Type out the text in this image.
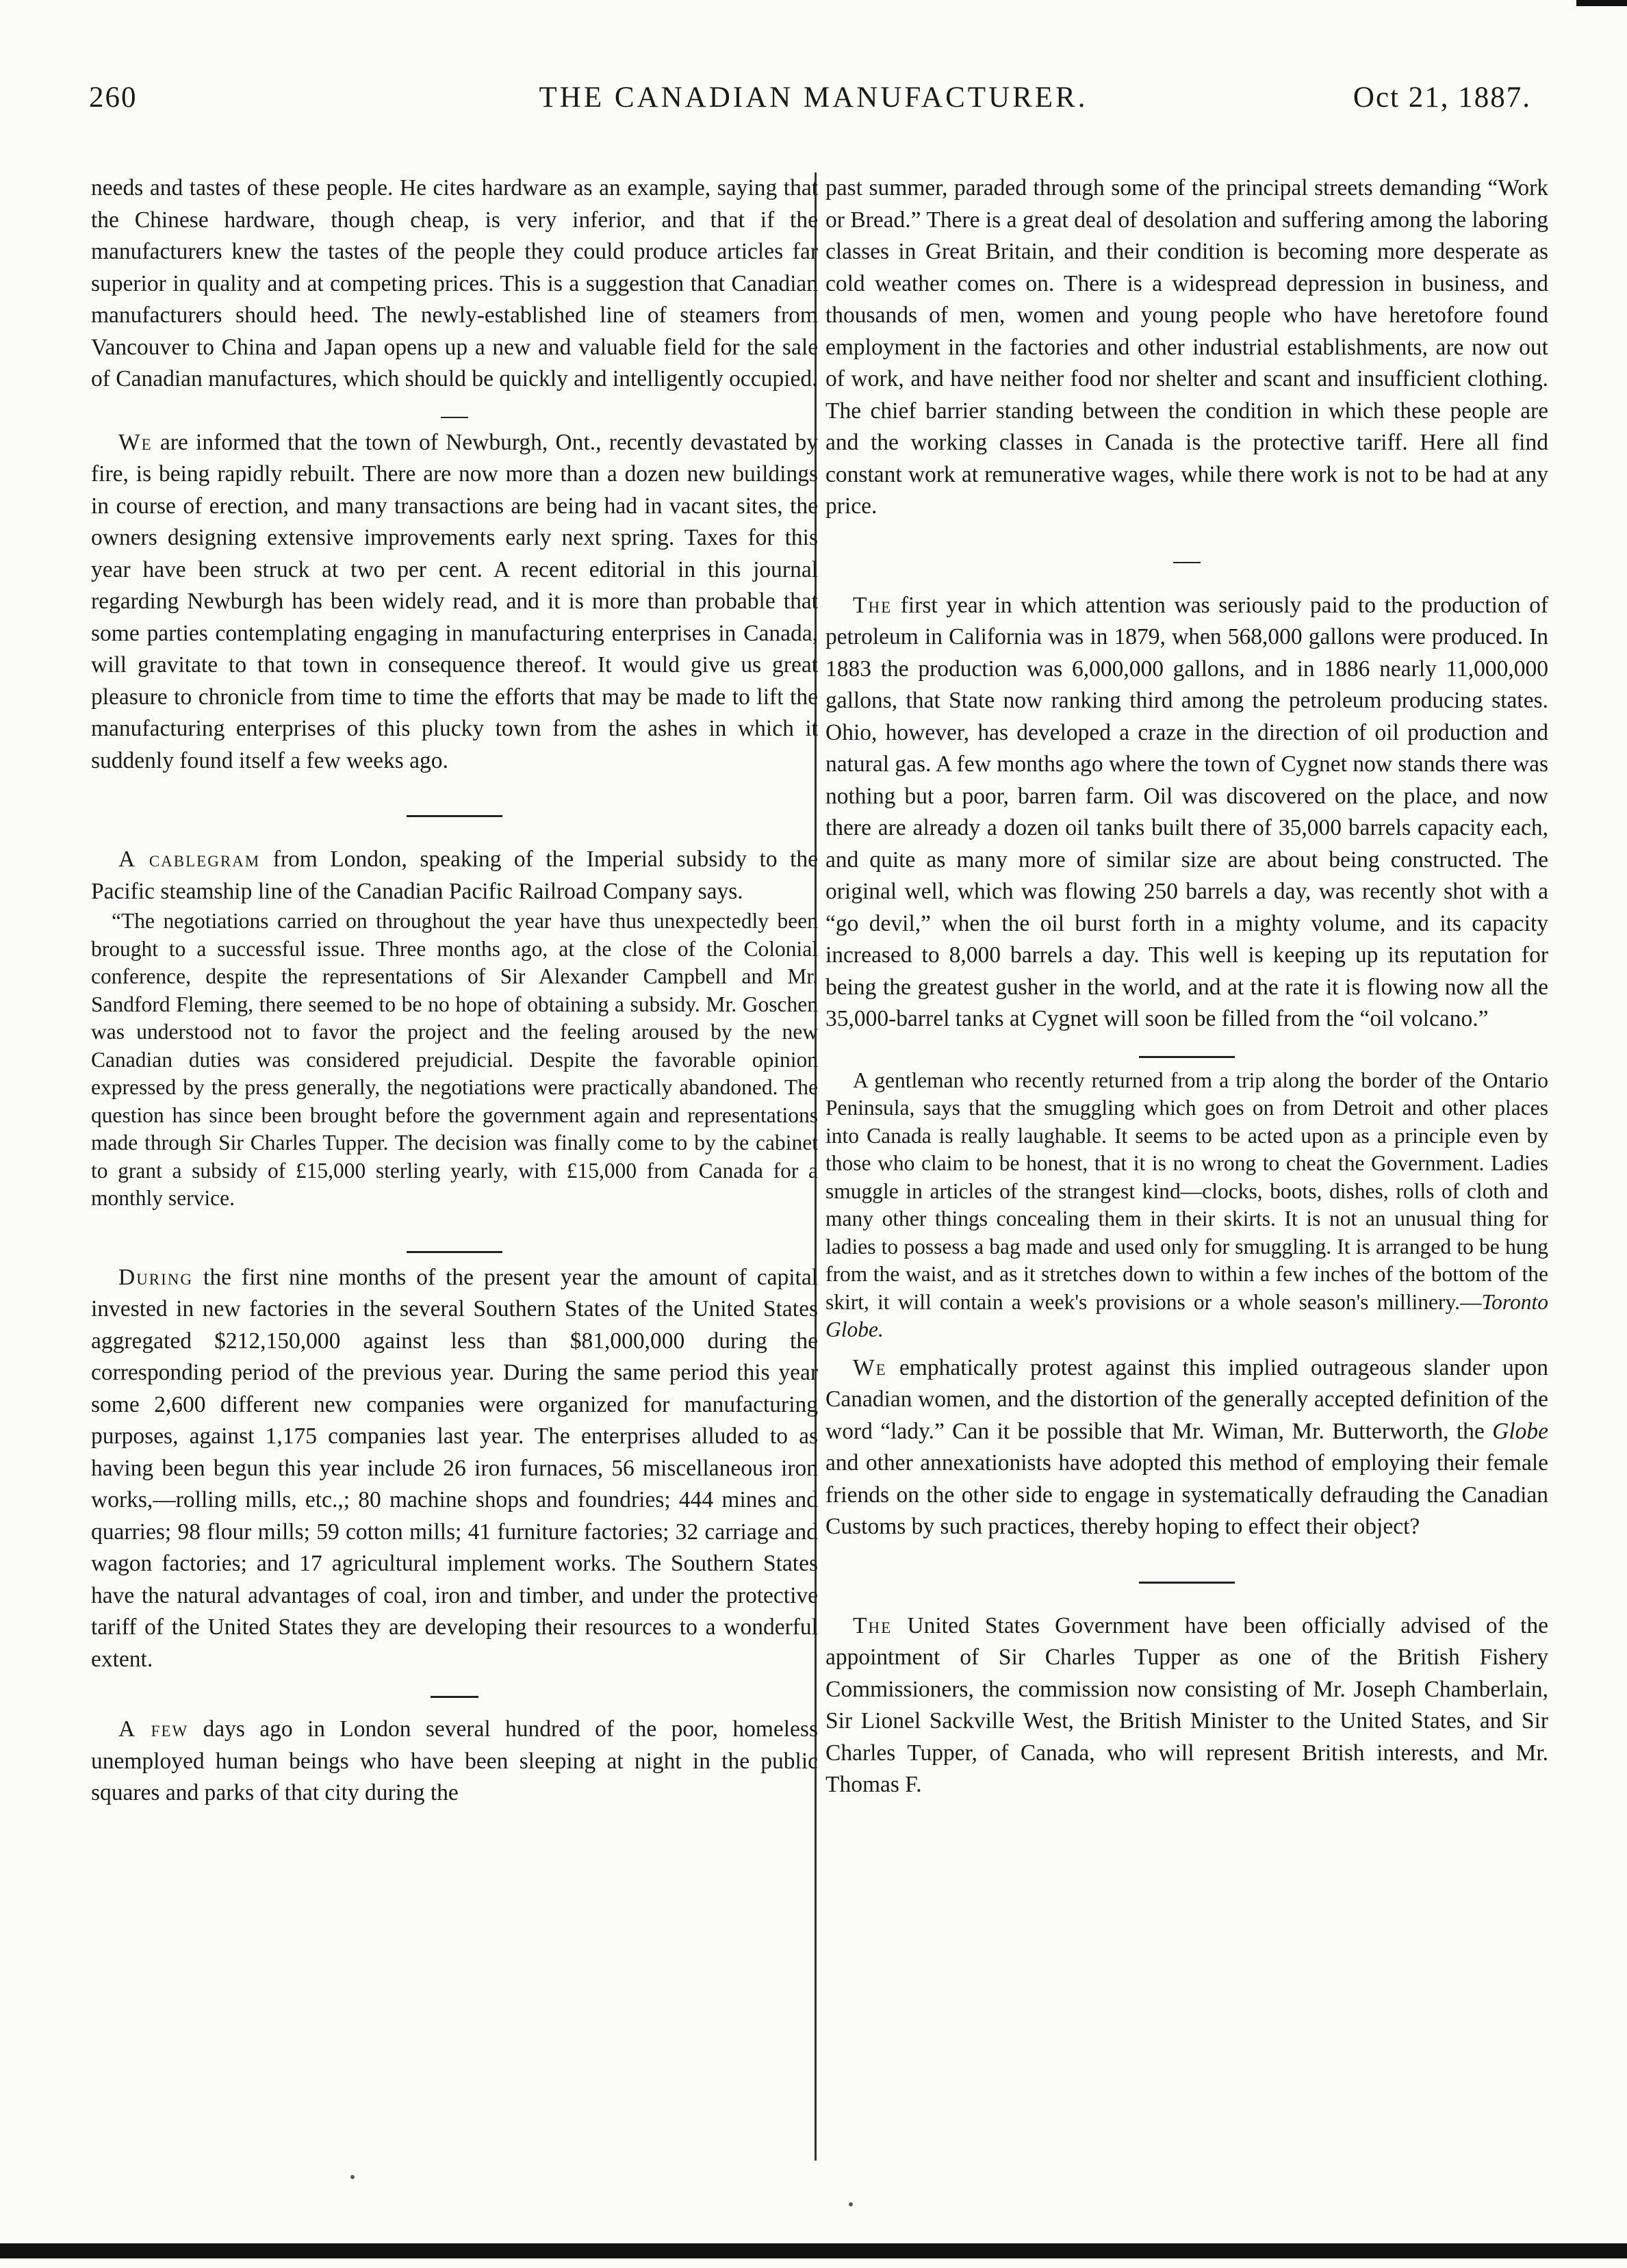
260	THE CANADIAN MANUFACTURER.	Oct 21, 1887.

needs and tastes of these people. He cites hardware as an example, saying that the Chinese hardware, though cheap, is very inferior, and that if the manufacturers knew the tastes of the people they could produce articles far superior in quality and at competing prices. This is a suggestion that Canadian manufacturers should heed. The newly-established line of steamers from Vancouver to China and Japan opens up a new and valuable field for the sale of Canadian manufactures, which should be quickly and intelligently occupied.

We are informed that the town of Newburgh, Ont., recently devastated by fire, is being rapidly rebuilt. There are now more than a dozen new buildings in course of erection, and many transactions are being had in vacant sites, the owners designing extensive improvements early next spring. Taxes for this year have been struck at two per cent. A recent editorial in this journal regarding Newburgh has been widely read, and it is more than probable that some parties contemplating engaging in manufacturing enterprises in Canada, will gravitate to that town in consequence thereof. It would give us great pleasure to chronicle from time to time the efforts that may be made to lift the manufacturing enterprises of this plucky town from the ashes in which it suddenly found itself a few weeks ago.

A cablegram from London, speaking of the Imperial subsidy to the Pacific steamship line of the Canadian Pacific Railroad Company says.

“The negotiations carried on throughout the year have thus unexpectedly been brought to a successful issue. Three months ago, at the close of the Colonial conference, despite the representations of Sir Alexander Campbell and Mr. Sandford Fleming, there seemed to be no hope of obtaining a subsidy. Mr. Goschen was understood not to favor the project and the feeling aroused by the new Canadian duties was considered prejudicial. Despite the favorable opinion expressed by the press generally, the negotiations were practically abandoned. The question has since been brought before the government again and representations made through Sir Charles Tupper. The decision was finally come to by the cabinet to grant a subsidy of £15,000 sterling yearly, with £15,000 from Canada for a monthly service.

During the first nine months of the present year the amount of capital invested in new factories in the several Southern States of the United States aggregated $212,150,000 against less than $81,000,000 during the corresponding period of the previous year. During the same period this year some 2,600 different new companies were organized for manufacturing purposes, against 1,175 companies last year. The enterprises alluded to as having been begun this year include 26 iron furnaces, 56 miscellaneous iron works,—rolling mills, etc.,; 80 machine shops and foundries; 444 mines and quarries; 98 flour mills; 59 cotton mills; 41 furniture factories; 32 carriage and wagon factories; and 17 agricultural implement works. The Southern States have the natural advantages of coal, iron and timber, and under the protective tariff of the United States they are developing their resources to a wonderful extent.

A few days ago in London several hundred of the poor, homeless unemployed human beings who have been sleeping at night in the public squares and parks of that city during the

past summer, paraded through some of the principal streets demanding “Work or Bread.” There is a great deal of desolation and suffering among the laboring classes in Great Britain, and their condition is becoming more desperate as cold weather comes on. There is a widespread depression in business, and thousands of men, women and young people who have heretofore found employment in the factories and other industrial establishments, are now out of work, and have neither food nor shelter and scant and insufficient clothing. The chief barrier standing between the condition in which these people are and the working classes in Canada is the protective tariff. Here all find constant work at remunerative wages, while there work is not to be had at any price.

The first year in which attention was seriously paid to the production of petroleum in California was in 1879, when 568,000 gallons were produced. In 1883 the production was 6,000,000 gallons, and in 1886 nearly 11,000,000 gallons, that State now ranking third among the petroleum producing states. Ohio, however, has developed a craze in the direction of oil production and natural gas. A few months ago where the town of Cygnet now stands there was nothing but a poor, barren farm. Oil was discovered on the place, and now there are already a dozen oil tanks built there of 35,000 barrels capacity each, and quite as many more of similar size are about being constructed. The original well, which was flowing 250 barrels a day, was recently shot with a “go devil,” when the oil burst forth in a mighty volume, and its capacity increased to 8,000 barrels a day. This well is keeping up its reputation for being the greatest gusher in the world, and at the rate it is flowing now all the 35,000-barrel tanks at Cygnet will soon be filled from the “oil volcano.”

A gentleman who recently returned from a trip along the border of the Ontario Peninsula, says that the smuggling which goes on from Detroit and other places into Canada is really laughable. It seems to be acted upon as a principle even by those who claim to be honest, that it is no wrong to cheat the Government. Ladies smuggle in articles of the strangest kind—clocks, boots, dishes, rolls of cloth and many other things concealing them in their skirts. It is not an unusual thing for ladies to possess a bag made and used only for smuggling. It is arranged to be hung from the waist, and as it stretches down to within a few inches of the bottom of the skirt, it will contain a week's provisions or a whole season's millinery.—Toronto Globe.

We emphatically protest against this implied outrageous slander upon Canadian women, and the distortion of the generally accepted definition of the word “lady.” Can it be possible that Mr. Wiman, Mr. Butterworth, the Globe and other annexationists have adopted this method of employing their female friends on the other side to engage in systematically defrauding the Canadian Customs by such practices, thereby hoping to effect their object?

The United States Government have been officially advised of the appointment of Sir Charles Tupper as one of the British Fishery Commissioners, the commission now consisting of Mr. Joseph Chamberlain, Sir Lionel Sackville West, the British Minister to the United States, and Sir Charles Tupper, of Canada, who will represent British interests, and Mr. Thomas F.
